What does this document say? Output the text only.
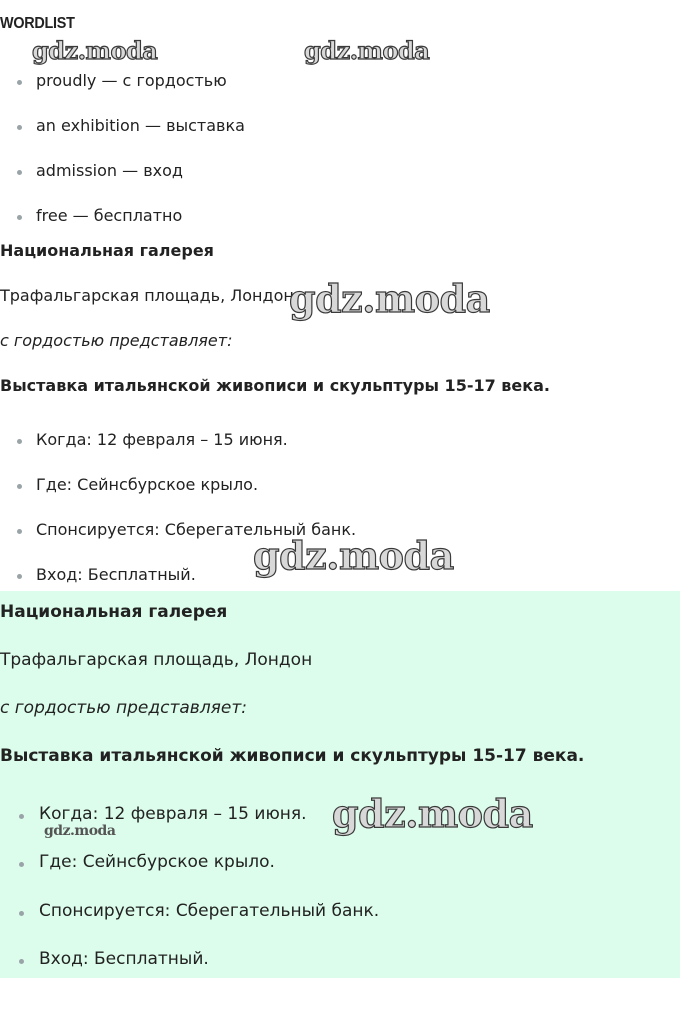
WORDLIST
gdz.moda	gdz.moda
proudly — с гордостью
an exhibition — выставка
admission — вход
free — бесплатно
Национальная галерея
Трафальгарская площадь, Лондон
gdz.moda
с гордостью представляет:
Выставка итальянской живописи и скульптуры 15-17 века.
Когда: 12 февраля – 15 июня.
Где: Сейнсбурское крыло.
Спонсируется: Сберегательный банк.
Вход: Бесплатный. gdz.moda
Национальная галерея
Трафальгарская площадь, Лондон
с гордостью представляет:
Выставка итальянской живописи и скульптуры 15-17 века.
Когда: 12 февраля – 15 июня.
Где: Сейнсбурское крыло.
Спонсируется: Сберегательный банк.
Вход: Бесплатный.
gdz.moda
gdz.moda
